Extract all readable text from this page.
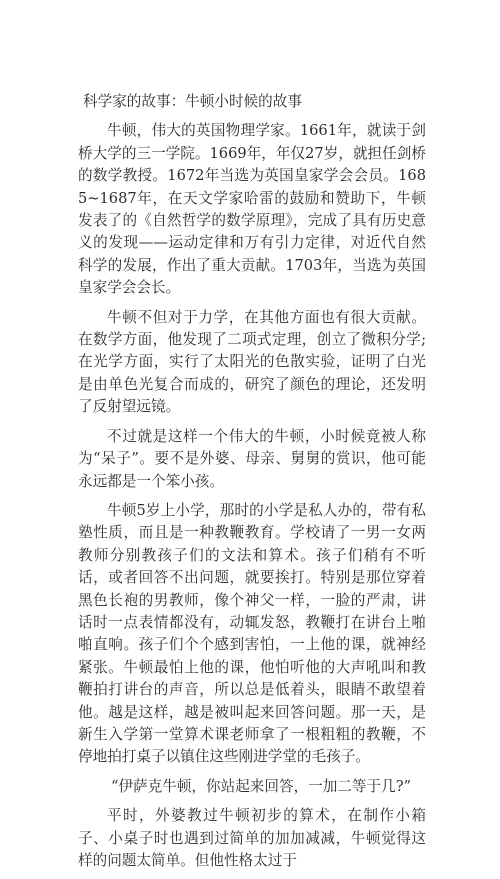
科学家的故事：牛顿小时候的故事

牛顿，伟大的英国物理学家。1661年，就读于剑桥大学的三一学院。1669年，年仅27岁，就担任剑桥的数学教授。1672年当选为英国皇家学会会员。1685~1687年，在天文学家哈雷的鼓励和赞助下，牛顿发表了的《自然哲学的数学原理》，完成了具有历史意义的发现——运动定律和万有引力定律，对近代自然科学的发展，作出了重大贡献。1703年，当选为英国皇家学会会长。

牛顿不但对于力学，在其他方面也有很大贡献。在数学方面，他发现了二项式定理，创立了微积分学;在光学方面，实行了太阳光的色散实验，证明了白光是由单色光复合而成的，研究了颜色的理论，还发明了反射望远镜。

不过就是这样一个伟大的牛顿，小时候竟被人称为“呆子”。要不是外婆、母亲、舅舅的赏识，他可能永远都是一个笨小孩。

牛顿5岁上小学，那时的小学是私人办的，带有私塾性质，而且是一种教鞭教育。学校请了一男一女两教师分别教孩子们的文法和算术。孩子们稍有不听话，或者回答不出问题，就要挨打。特别是那位穿着黑色长袍的男教师，像个神父一样，一脸的严肃，讲话时一点表情都没有，动辄发怒，教鞭打在讲台上啪啪直响。孩子们个个感到害怕，一上他的课，就神经紧张。牛顿最怕上他的课，他怕听他的大声吼叫和教鞭拍打讲台的声音，所以总是低着头，眼睛不敢望着他。越是这样，越是被叫起来回答问题。那一天，是新生入学第一堂算术课老师拿了一根粗粗的教鞭，不停地拍打桌子以镇住这些刚进学堂的毛孩子。

“伊萨克牛顿，你站起来回答，一加二等于几?”

平时，外婆教过牛顿初步的算术，在制作小箱子、小桌子时也遇到过简单的加加减减，牛顿觉得这样的问题太简单。但他性格太过于
